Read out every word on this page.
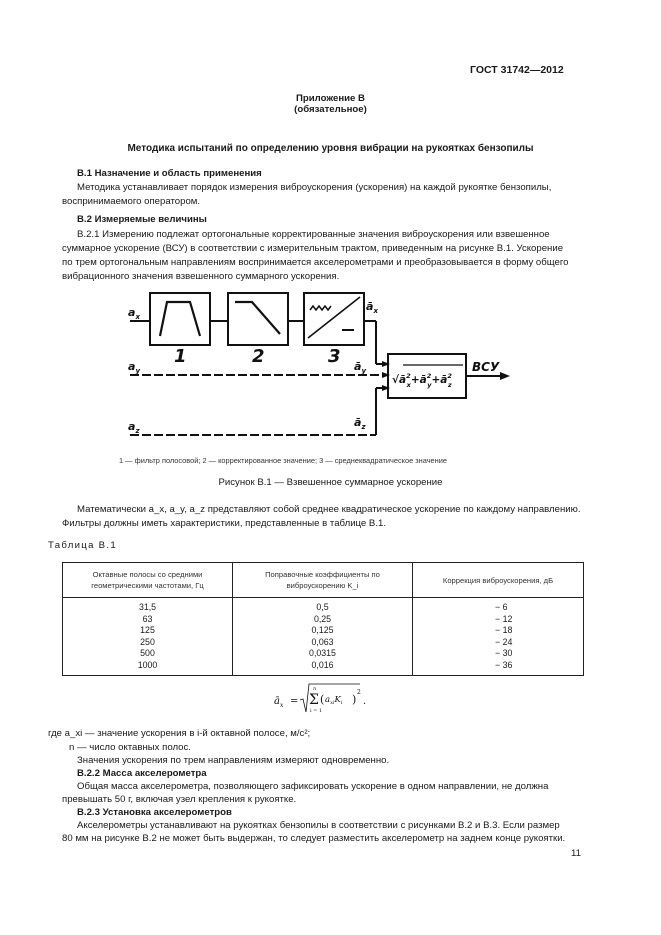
ГОСТ 31742—2012
Приложение В
(обязательное)
Методика испытаний по определению уровня вибрации на рукоятках бензопилы
В.1 Назначение и область применения
Методика устанавливает порядок измерения виброускорения (ускорения) на каждой рукоятке бензопилы,
воспринимаемого оператором.
В.2 Измеряемые величины
В.2.1 Измерению подлежат ортогональные корректированные значения виброускорения или взвешенное
суммарное ускорение (ВСУ) в соответствии с измерительным трактом, приведенным на рисунке В.1. Ускорение
по трем ортогональным направлениям воспринимается акселерометрами и преобразовывается в форму общего
вибрационного значения взвешенного суммарного ускорения.
$a_x$
$a_y$
$a_z$
$ā_x$
$ā_y$
$ā_z$
1	2	3	ВСУ
$√ā^2$ $x+ā^2$ $y+ā^2$ z
1 — фильтр полосовой; 2 — корректированное значение; 3 — среднеквадратическое значение
Рисунок В.1 — Взвешенное суммарное ускорение
Математически a_x, a_y, a_z представляют собой среднее квадратическое ускорение по каждому направлению.
Фильтры должны иметь характеристики, представленные в таблице В.1.
Таблица В.1
Октавные полосы со средними геометрическими частотами, Гц	Поправочные коэффициенты по виброускорению K_i	Коррекция виброускорения, дБ
31,5	0,5	− 6
63	0,25	− 12
125	0,125	− 18
250	0,063	− 24
500	0,0315	− 30
1000	0,016	− 36
$ā_x = \Sigma$
n
i = 1
( $a_{xi}K_i$ )
2
.
где a_xi — значение ускорения в i-й октавной полосе, м/с²;
n — число октавных полос.
Значения ускорения по трем направлениям измеряют одновременно.
В.2.2 Масса акселерометра
Общая масса акселерометра, позволяющего зафиксировать ускорение в одном направлении, не должна
превышать 50 г, включая узел крепления к рукоятке.
В.2.3 Установка акселерометров
Акселерометры устанавливают на рукоятках бензопилы в соответствии с рисунками В.2 и В.3. Если размер
80 мм на рисунке В.2 не может быть выдержан, то следует разместить акселерометр на заднем конце рукоятки.
11
